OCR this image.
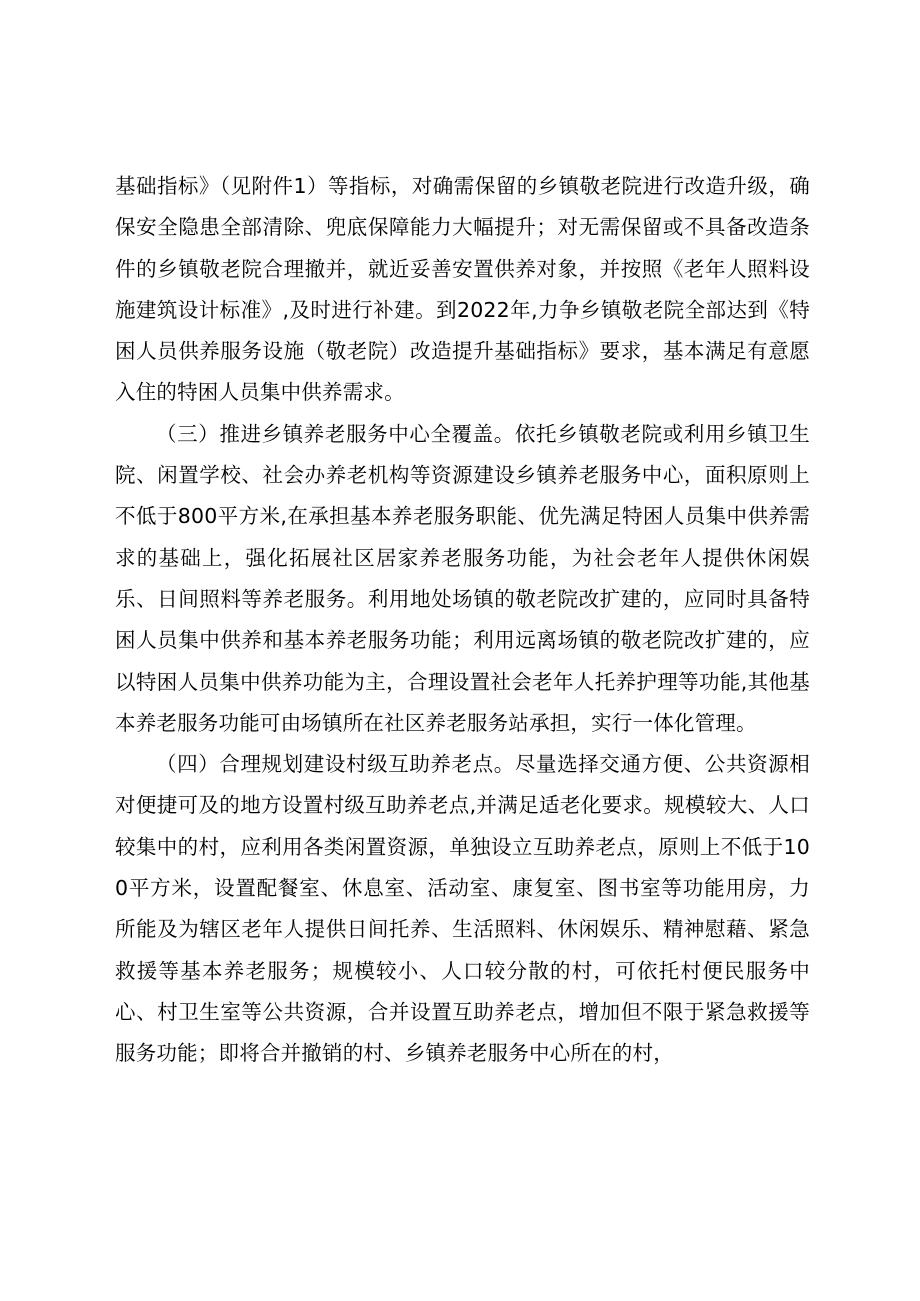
基础指标》（见附件1）等指标，对确需保留的乡镇敬老院进行改造升级，确保安全隐患全部清除、兜底保障能力大幅提升；对无需保留或不具备改造条件的乡镇敬老院合理撤并，就近妥善安置供养对象，并按照《老年人照料设施建筑设计标准》,及时进行补建。到2022年,力争乡镇敬老院全部达到《特困人员供养服务设施（敬老院）改造提升基础指标》要求，基本满足有意愿入住的特困人员集中供养需求。

（三）推进乡镇养老服务中心全覆盖。依托乡镇敬老院或利用乡镇卫生院、闲置学校、社会办养老机构等资源建设乡镇养老服务中心，面积原则上不低于800平方米,在承担基本养老服务职能、优先满足特困人员集中供养需求的基础上，强化拓展社区居家养老服务功能，为社会老年人提供休闲娱乐、日间照料等养老服务。利用地处场镇的敬老院改扩建的，应同时具备特困人员集中供养和基本养老服务功能；利用远离场镇的敬老院改扩建的，应以特困人员集中供养功能为主，合理设置社会老年人托养护理等功能,其他基本养老服务功能可由场镇所在社区养老服务站承担，实行一体化管理。

（四）合理规划建设村级互助养老点。尽量选择交通方便、公共资源相对便捷可及的地方设置村级互助养老点,并满足适老化要求。规模较大、人口较集中的村，应利用各类闲置资源，单独设立互助养老点，原则上不低于100平方米，设置配餐室、休息室、活动室、康复室、图书室等功能用房，力所能及为辖区老年人提供日间托养、生活照料、休闲娱乐、精神慰藉、紧急救援等基本养老服务；规模较小、人口较分散的村，可依托村便民服务中心、村卫生室等公共资源，合并设置互助养老点，增加但不限于紧急救援等服务功能；即将合并撤销的村、乡镇养老服务中心所在的村，
